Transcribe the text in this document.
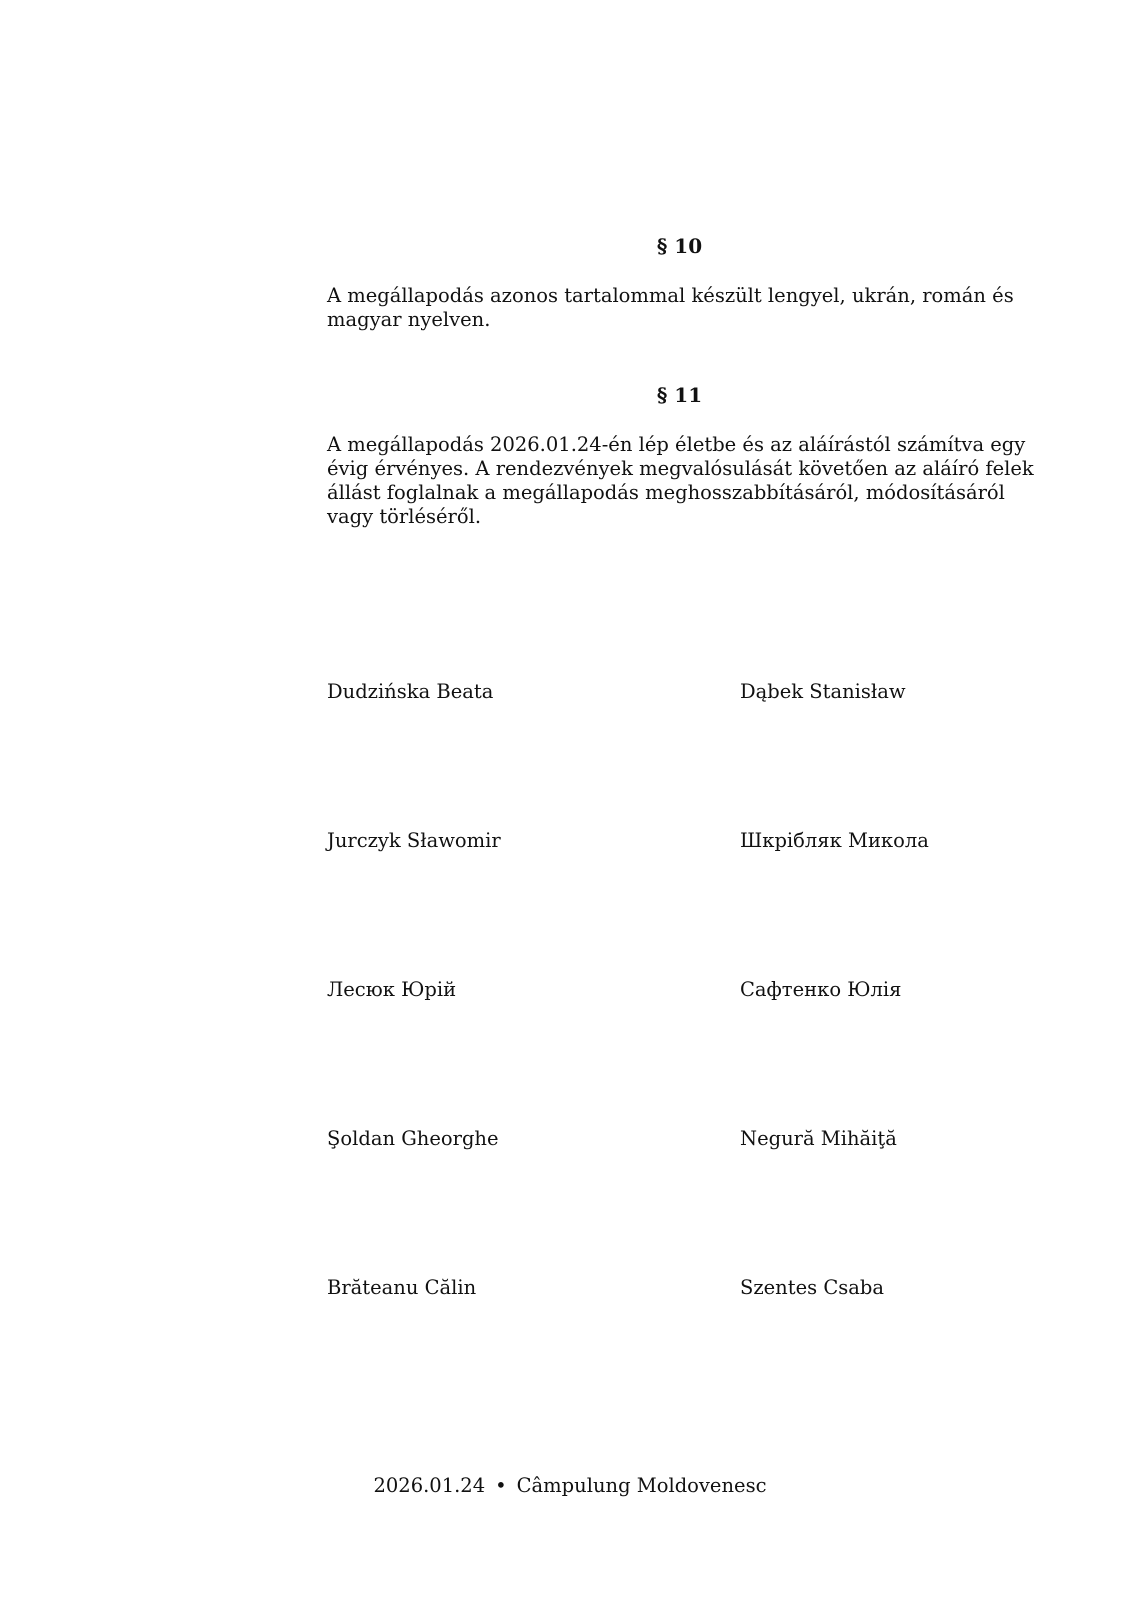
§ 10

A megállapodás azonos tartalommal készült lengyel, ukrán, román és magyar nyelven.

§ 11

A megállapodás 2026.01.24-én lép életbe és az aláírástól számítva egy évig érvényes. A rendezvények megvalósulását követően az aláíró felek állást foglalnak a megállapodás meghosszabbításáról, módosításáról vagy törléséről.

Dudzińska Beata	Dąbek Stanisław
Jurczyk Sławomir	Шкрібляк Микола
Лесюк Юрій	Сафтенко Юлія
Şoldan Gheorghe	Negură Mihăiţă
Brăteanu Călin	Szentes Csaba
2026.01.24 • Câmpulung Moldovenesc
